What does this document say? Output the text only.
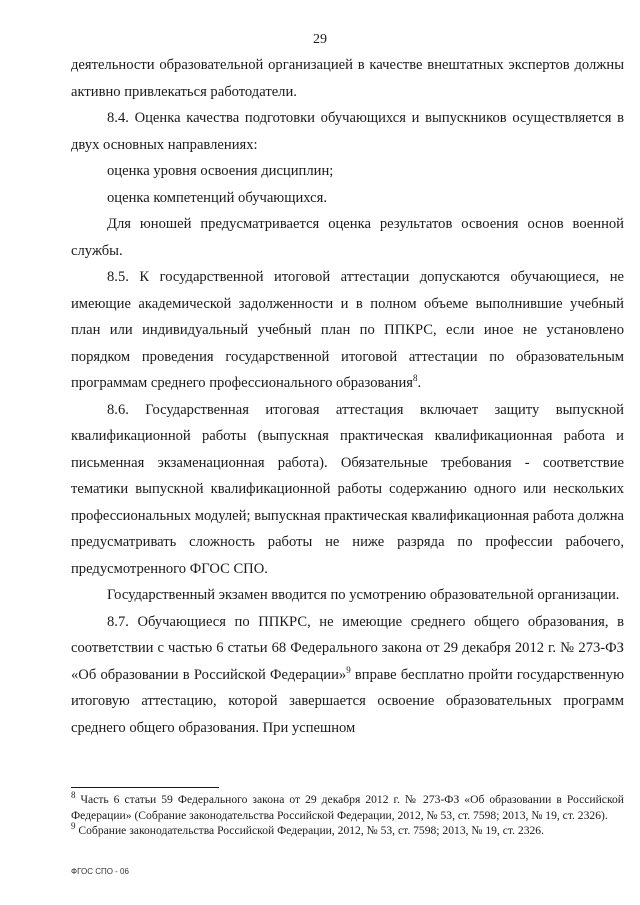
29

деятельности образовательной организацией в качестве внештатных экспертов должны активно привлекаться работодатели.

8.4. Оценка качества подготовки обучающихся и выпускников осуществляется в двух основных направлениях:

оценка уровня освоения дисциплин;

оценка компетенций обучающихся.

Для юношей предусматривается оценка результатов освоения основ военной службы.

8.5. К государственной итоговой аттестации допускаются обучающиеся, не имеющие академической задолженности и в полном объеме выполнившие учебный план или индивидуальный учебный план по ППКРС, если иное не установлено порядком проведения государственной итоговой аттестации по образовательным программам среднего профессионального образования$^8$.

8.6. Государственная итоговая аттестация включает защиту выпускной квалификационной работы (выпускная практическая квалификационная работа и письменная экзаменационная работа). Обязательные требования - соответствие тематики выпускной квалификационной работы содержанию одного или нескольких профессиональных модулей; выпускная практическая квалификационная работа должна предусматривать сложность работы не ниже разряда по профессии рабочего, предусмотренного ФГОС СПО.

Государственный экзамен вводится по усмотрению образовательной организации.

8.7. Обучающиеся по ППКРС, не имеющие среднего общего образования, в соответствии с частью 6 статьи 68 Федерального закона от 29 декабря 2012 г. № 273-ФЗ «Об образовании в Российской Федерации»$^9$ вправе бесплатно пройти государственную итоговую аттестацию, которой завершается освоение образовательных программ среднего общего образования. При успешном

$^8$ Часть 6 статьи 59 Федерального закона от 29 декабря 2012 г. № 273-ФЗ «Об образовании в Российской Федерации» (Собрание законодательства Российской Федерации, 2012, № 53, ст. 7598; 2013, № 19, ст. 2326).

$^9$ Собрание законодательства Российской Федерации, 2012, № 53, ст. 7598; 2013, № 19, ст. 2326.

ФГОС СПО - 06
